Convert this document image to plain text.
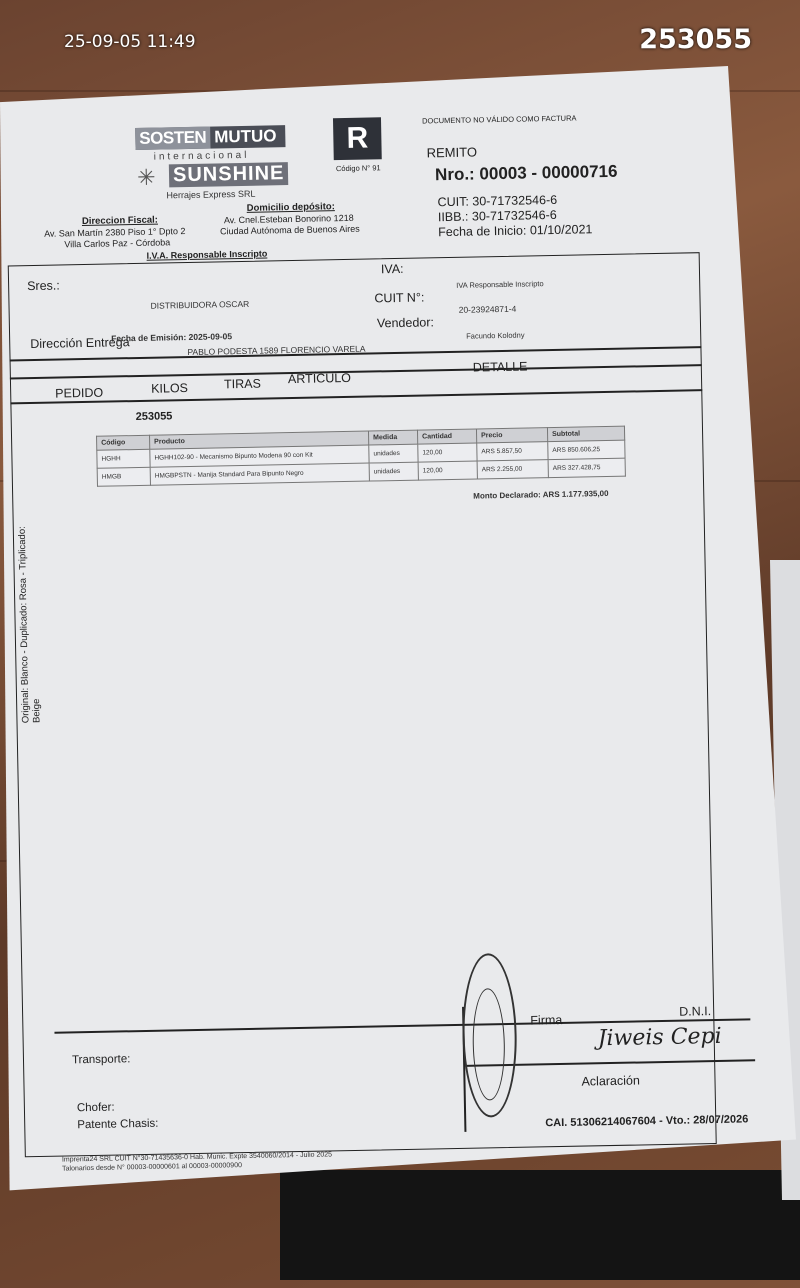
25-09-05 11:49	253055
SOSTEN MUTUO
internacional
✳ SUNSHINE
Herrajes Express SRL
Direccion Fiscal:
Av. San Martín 2380 Piso 1° Dpto 2
Villa Carlos Paz - Córdoba
I.V.A. Responsable Inscripto
Domicilio depósito:
Av. Cnel.Esteban Bonorino 1218
Ciudad Autónoma de Buenos Aires
R
Código N° 91
DOCUMENTO NO VÁLIDO COMO FACTURA
REMITO
Nro.: 00003 - 00000716
CUIT: 30-71732546-6
IIBB.: 30-71732546-6
Fecha de Inicio: 01/10/2021
Sres.:
DISTRIBUIDORA OSCAR
IVA:
IVA Responsable Inscripto
CUIT N°:
20-23924871-4
Vendedor:
Facundo Kolodny
Dirección Entrega
Fecha de Emisión: 2025-09-05
PABLO PODESTA 1589 FLORENCIO VARELA
PEDIDO	KILOS	TIRAS ARTÍCULO
DETALLE
253055
Código	Producto	Medida	Cantidad	Precio	Subtotal
HGHH	HGHH102-90 - Mecanismo Bipunto Modena 90 con Kit	unidades	120,00	ARS 5.857,50	ARS 850.606,25
HMGB	HMGBPSTN - Manija Standard Para Bipunto Negro	unidades	120,00	ARS 2.255,00	ARS 327.428,75
Monto Declarado: ARS 1.177.935,00
Firma
D.N.I.
Aclaración
Transporte:
Chofer:
Patente Chasis:
Imprenta24 SRL CUIT N°30-71435636-0 Hab. Munic. Expte 3540060/2014 - Julio 2025
Talonarios desde N° 00003-00000601 al 00003-00000900
CAI. 51306214067604 - Vto.: 28/07/2026
Jiweis Cepi
Original: Blanco - Duplicado: Rosa - Triplicado: Beige
